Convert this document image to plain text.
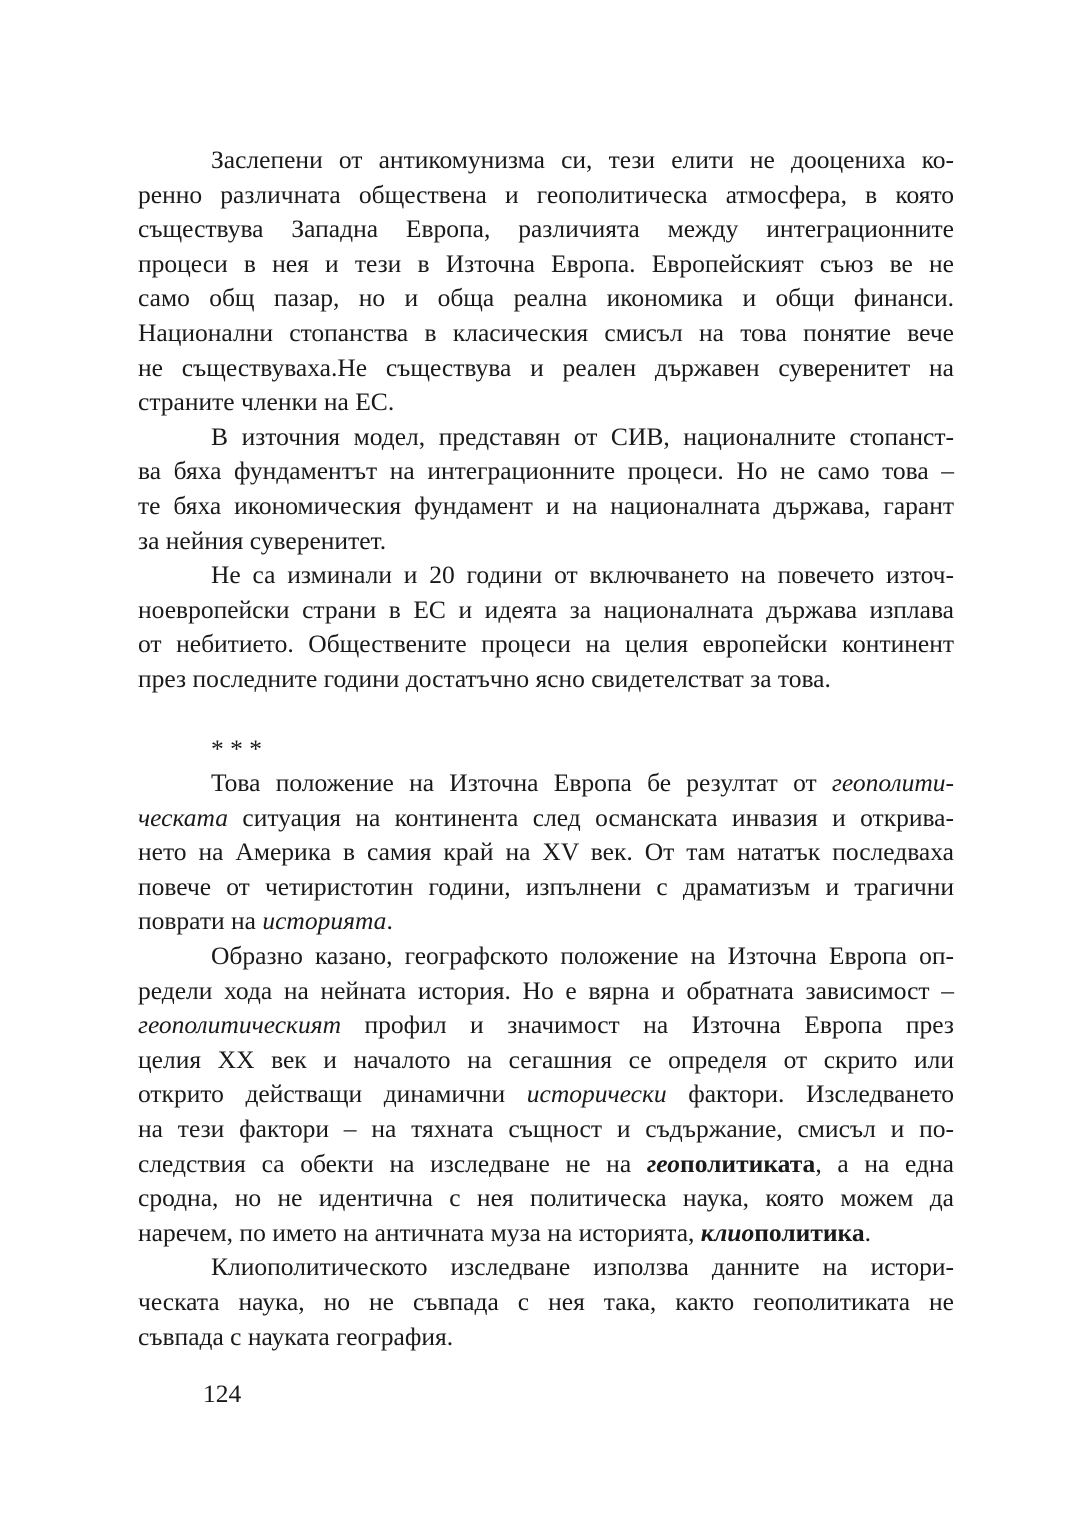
Заслепени от антикомунизма си, тези елити не дооцениха ко-
ренно различната обществена и геополитическа атмосфера, в която
съществува Западна Европа, различията между интеграционните
процеси в нея и тези в Източна Европа. Европейският съюз ве не
само общ пазар, но и обща реална икономика и общи финанси.
Национални стопанства в класическия смисъл на това понятие вече
не съществуваха.Не съществува и реален държавен суверенитет на
страните членки на ЕС.
В източния модел, представян от СИВ, националните стопанст-
ва бяха фундаментът на интеграционните процеси. Но не само това –
те бяха икономическия фундамент и на националната държава, гарант
за нейния суверенитет.
Не са изминали и 20 години от включването на повечето източ-
ноевропейски страни в ЕС и идеята за националната държава изплава
от небитието. Обществените процеси на целия европейски континент
през последните години достатъчно ясно свидетелстват за това.
* * *
Това положение на Източна Европа бе резултат от геополити-
ческата ситуация на континента след османската инвазия и открива-
нето на Америка в самия край на XV век. От там нататък последваха
повече от четиристотин години, изпълнени с драматизъм и трагични
поврати на историята.
Образно казано, географското положение на Източна Европа оп-
редели хода на нейната история. Но е вярна и обратната зависимост –
геополитическият профил и значимост на Източна Европа през
целия XX век и началото на сегашния се определя от скрито или
открито действащи динамични исторически фактори. Изследването
на тези фактори – на тяхната същност и съдържание, смисъл и по-
следствия са обекти на изследване не на геополитиката, а на една
сродна, но не идентична с нея политическа наука, която можем да
наречем, по името на античната муза на историята, клиополитика.
Клиополитическото изследване използва данните на истори-
ческата наука, но не съвпада с нея така, както геополитиката не
съвпада с науката география.
124
